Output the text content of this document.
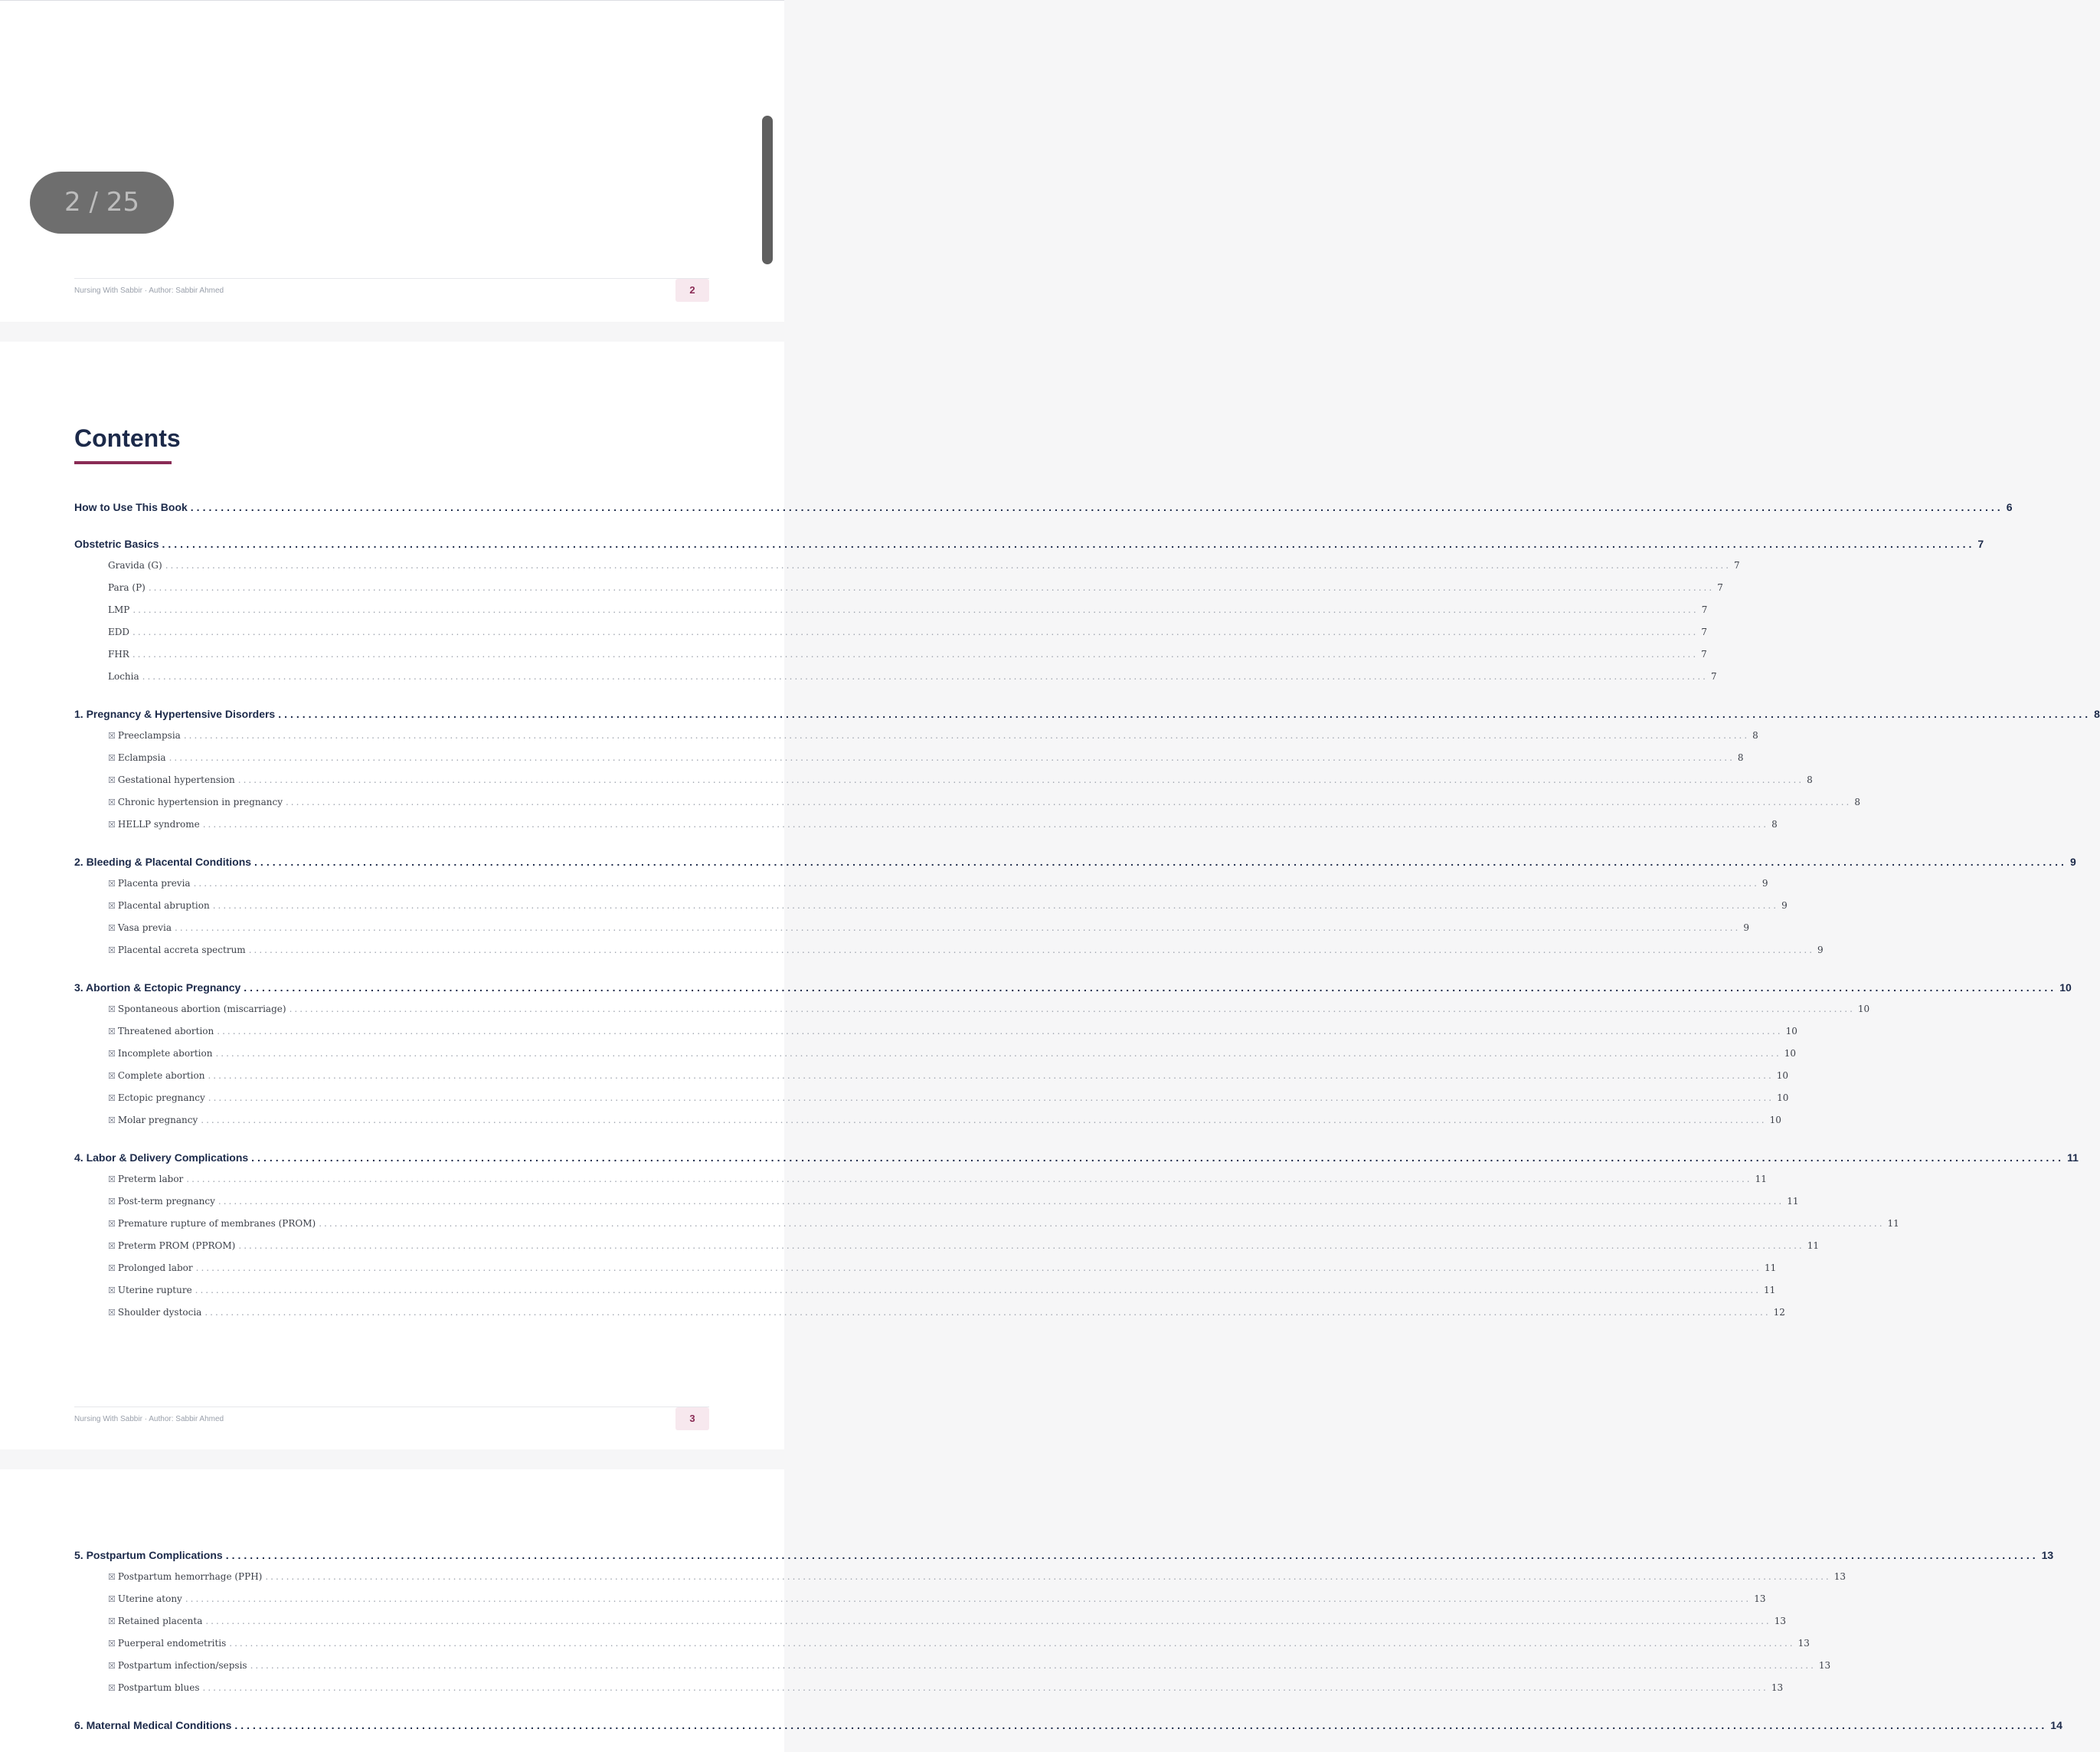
Nursing With Sabbir · Author: Sabbir Ahmed	2
Contents
How to Use This Book ............................................................................................................................................................................................................................................................................................................ 6
Obstetric Basics ............................................................................................................................................................................................................................................................................................................ 7
Gravida (G) ............................................................................................................................................................................................................................................................................................................ 7
Para (P) ............................................................................................................................................................................................................................................................................................................ 7
LMP ............................................................................................................................................................................................................................................................................................................ 7
EDD ............................................................................................................................................................................................................................................................................................................ 7
FHR ............................................................................................................................................................................................................................................................................................................ 7
Lochia ............................................................................................................................................................................................................................................................................................................ 7
1. Pregnancy & Hypertensive Disorders ............................................................................................................................................................................................................................................................................................................ 8
☒ Preeclampsia ............................................................................................................................................................................................................................................................................................................ 8
☒ Eclampsia ............................................................................................................................................................................................................................................................................................................ 8
☒ Gestational hypertension ............................................................................................................................................................................................................................................................................................................ 8
☒ Chronic hypertension in pregnancy ............................................................................................................................................................................................................................................................................................................ 8
☒ HELLP syndrome ............................................................................................................................................................................................................................................................................................................ 8
2. Bleeding & Placental Conditions ............................................................................................................................................................................................................................................................................................................ 9
☒ Placenta previa ............................................................................................................................................................................................................................................................................................................ 9
☒ Placental abruption ............................................................................................................................................................................................................................................................................................................ 9
☒ Vasa previa ............................................................................................................................................................................................................................................................................................................ 9
☒ Placental accreta spectrum ............................................................................................................................................................................................................................................................................................................ 9
3. Abortion & Ectopic Pregnancy ............................................................................................................................................................................................................................................................................................................ 10
☒ Spontaneous abortion (miscarriage) ............................................................................................................................................................................................................................................................................................................ 10
☒ Threatened abortion ............................................................................................................................................................................................................................................................................................................ 10
☒ Incomplete abortion ............................................................................................................................................................................................................................................................................................................ 10
☒ Complete abortion ............................................................................................................................................................................................................................................................................................................ 10
☒ Ectopic pregnancy ............................................................................................................................................................................................................................................................................................................ 10
☒ Molar pregnancy ............................................................................................................................................................................................................................................................................................................ 10
4. Labor & Delivery Complications ............................................................................................................................................................................................................................................................................................................ 11
☒ Preterm labor ............................................................................................................................................................................................................................................................................................................ 11
☒ Post-term pregnancy ............................................................................................................................................................................................................................................................................................................ 11
☒ Premature rupture of membranes (PROM) ............................................................................................................................................................................................................................................................................................................ 11
☒ Preterm PROM (PPROM) ............................................................................................................................................................................................................................................................................................................ 11
☒ Prolonged labor ............................................................................................................................................................................................................................................................................................................ 11
☒ Uterine rupture ............................................................................................................................................................................................................................................................................................................ 11
☒ Shoulder dystocia ............................................................................................................................................................................................................................................................................................................ 12
Nursing With Sabbir · Author: Sabbir Ahmed	3
5. Postpartum Complications ............................................................................................................................................................................................................................................................................................................ 13
☒ Postpartum hemorrhage (PPH) ............................................................................................................................................................................................................................................................................................................ 13
☒ Uterine atony ............................................................................................................................................................................................................................................................................................................ 13
☒ Retained placenta ............................................................................................................................................................................................................................................................................................................ 13
☒ Puerperal endometritis ............................................................................................................................................................................................................................................................................................................ 13
☒ Postpartum infection/sepsis ............................................................................................................................................................................................................................................................................................................ 13
☒ Postpartum blues ............................................................................................................................................................................................................................................................................................................ 13
6. Maternal Medical Conditions ............................................................................................................................................................................................................................................................................................................ 14
2 / 25
